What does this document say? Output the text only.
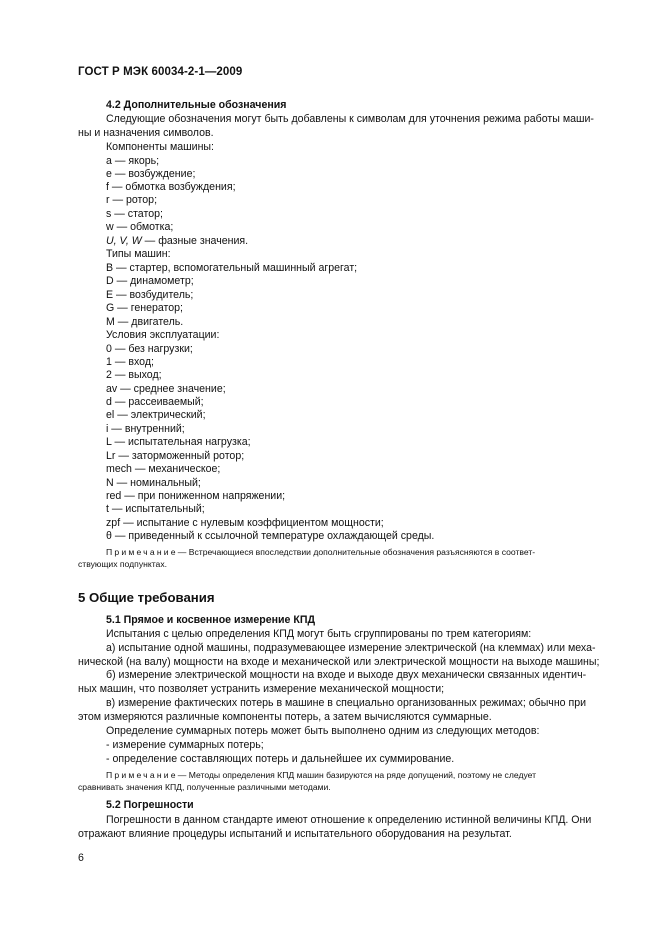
ГОСТ Р МЭК 60034-2-1—2009
4.2 Дополнительные обозначения
Следующие обозначения могут быть добавлены к символам для уточнения режима работы маши-
ны и назначения символов.
Компоненты машины:
a — якорь;
e — возбуждение;
f — обмотка возбуждения;
r — ротор;
s — статор;
w — обмотка;
U, V, W — фазные значения.
Типы машин:
B — стартер, вспомогательный машинный агрегат;
D — динамометр;
E — возбудитель;
G — генератор;
M — двигатель.
Условия эксплуатации:
0 — без нагрузки;
1 — вход;
2 — выход;
av — среднее значение;
d — рассеиваемый;
el — электрический;
i — внутренний;
L — испытательная нагрузка;
Lr — заторможенный ротор;
mech — механическое;
N — номинальный;
red — при пониженном напряжении;
t — испытательный;
zpf — испытание с нулевым коэффициентом мощности;
θ — приведенный к ссылочной температуре охлаждающей среды.
Примечание— Встречающиеся впоследствии дополнительные обозначения разъясняются в соответ-
ствующих подпунктах.
5 Общие требования
5.1 Прямое и косвенное измерение КПД
Испытания с целью определения КПД могут быть сгруппированы по трем категориям:
а) испытание одной машины, подразумевающее измерение электрической (на клеммах) или меха-
нической (на валу) мощности на входе и механической или электрической мощности на выходе машины;
б) измерение электрической мощности на входе и выходе двух механически связанных идентич-
ных машин, что позволяет устранить измерение механической мощности;
в) измерение фактических потерь в машине в специально организованных режимах; обычно при
этом измеряются различные компоненты потерь, а затем вычисляются суммарные.
Определение суммарных потерь может быть выполнено одним из следующих методов:
- измерение суммарных потерь;
- определение составляющих потерь и дальнейшее их суммирование.
Примечание— Методы определения КПД машин базируются на ряде допущений, поэтому не следует
сравнивать значения КПД, полученные различными методами.
5.2 Погрешности
Погрешности в данном стандарте имеют отношение к определению истинной величины КПД. Они
отражают влияние процедуры испытаний и испытательного оборудования на результат.
6
